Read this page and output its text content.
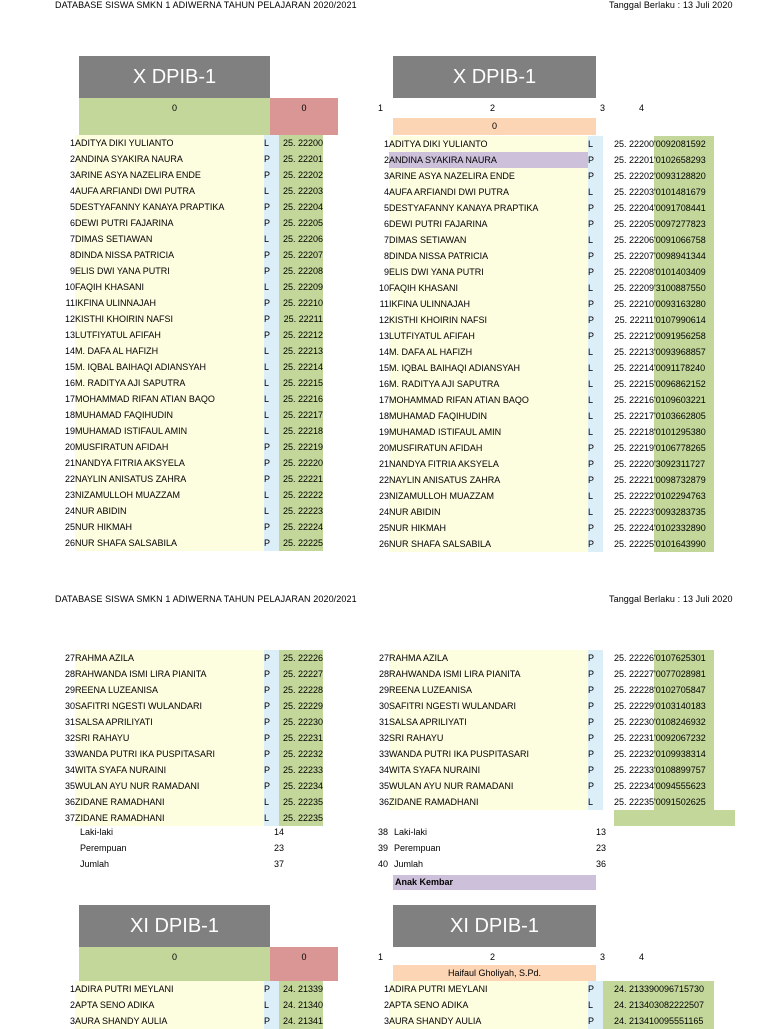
DATABASE SISWA SMKN 1 ADIWERNA TAHUN PELAJARAN 2020/2021	Tanggal Berlaku : 13 Juli 2020
X DPIB-1
0	0
1	ADITYA DIKI YULIANTO	L	25. 22200
2	ANDINA SYAKIRA NAURA	P	25. 22201
3	ARINE ASYA NAZELIRA ENDE	P	25. 22202
4	AUFA ARFIANDI DWI PUTRA	L	25. 22203
5	DESTYAFANNY KANAYA PRAPTIKA	P	25. 22204
6	DEWI PUTRI FAJARINA	P	25. 22205
7	DIMAS SETIAWAN	L	25. 22206
8	DINDA NISSA PATRICIA	P	25. 22207
9	ELIS DWI YANA PUTRI	P	25. 22208
10	FAQIH KHASANI	L	25. 22209
11	IKFINA ULINNAJAH	P	25. 22210
12	KISTHI KHOIRIN NAFSI	P	25. 22211
13	LUTFIYATUL AFIFAH	P	25. 22212
14	M. DAFA AL HAFIZH	L	25. 22213
15	M. IQBAL BAIHAQI ADIANSYAH	L	25. 22214
16	M. RADITYA AJI SAPUTRA	L	25. 22215
17	MOHAMMAD RIFAN ATIAN BAQO	L	25. 22216
18	MUHAMAD FAQIHUDIN	L	25. 22217
19	MUHAMAD ISTIFAUL AMIN	L	25. 22218
20	MUSFIRATUN AFIDAH	P	25. 22219
21	NANDYA FITRIA AKSYELA	P	25. 22220
22	NAYLIN ANISATUS ZAHRA	P	25. 22221
23	NIZAMULLOH MUAZZAM	L	25. 22222
24	NUR ABIDIN	L	25. 22223
25	NUR HIKMAH	P	25. 22224
26	NUR SHAFA SALSABILA	P	25. 22225
X DPIB-1
1	2	3	4
0
1	ADITYA DIKI YULIANTO	L	25. 22200	'0092081592
2	ANDINA SYAKIRA NAURA	P	25. 22201	'0102658293
3	ARINE ASYA NAZELIRA ENDE	P	25. 22202	'0093128820
4	AUFA ARFIANDI DWI PUTRA	L	25. 22203	'0101481679
5	DESTYAFANNY KANAYA PRAPTIKA	P	25. 22204	'0091708441
6	DEWI PUTRI FAJARINA	P	25. 22205	'0097277823
7	DIMAS SETIAWAN	L	25. 22206	'0091066758
8	DINDA NISSA PATRICIA	P	25. 22207	'0098941344
9	ELIS DWI YANA PUTRI	P	25. 22208	'0101403409
10	FAQIH KHASANI	L	25. 22209	'3100887550
11	IKFINA ULINNAJAH	P	25. 22210	'0093163280
12	KISTHI KHOIRIN NAFSI	P	25. 22211	'0107990614
13	LUTFIYATUL AFIFAH	P	25. 22212	'0091956258
14	M. DAFA AL HAFIZH	L	25. 22213	'0093968857
15	M. IQBAL BAIHAQI ADIANSYAH	L	25. 22214	'0091178240
16	M. RADITYA AJI SAPUTRA	L	25. 22215	'0096862152
17	MOHAMMAD RIFAN ATIAN BAQO	L	25. 22216	'0109603221
18	MUHAMAD FAQIHUDIN	L	25. 22217	'0103662805
19	MUHAMAD ISTIFAUL AMIN	L	25. 22218	'0101295380
20	MUSFIRATUN AFIDAH	P	25. 22219	'0106778265
21	NANDYA FITRIA AKSYELA	P	25. 22220	'3092311727
22	NAYLIN ANISATUS ZAHRA	P	25. 22221	'0098732879
23	NIZAMULLOH MUAZZAM	L	25. 22222	'0102294763
24	NUR ABIDIN	L	25. 22223	'0093283735
25	NUR HIKMAH	P	25. 22224	'0102332890
26	NUR SHAFA SALSABILA	P	25. 22225	'0101643990
DATABASE SISWA SMKN 1 ADIWERNA TAHUN PELAJARAN 2020/2021	Tanggal Berlaku : 13 Juli 2020
27	RAHMA AZILA	P	25. 22226
28	RAHWANDA ISMI LIRA PIANITA	P	25. 22227
29	REENA LUZEANISA	P	25. 22228
30	SAFITRI NGESTI WULANDARI	P	25. 22229
31	SALSA APRILIYATI	P	25. 22230
32	SRI RAHAYU	P	25. 22231
33	WANDA PUTRI IKA PUSPITASARI	P	25. 22232
34	WITA SYAFA NURAINI	P	25. 22233
35	WULAN AYU NUR RAMADANI	P	25. 22234
36	ZIDANE RAMADHANI	L	25. 22235
37	ZIDANE RAMADHANI	L	25. 22235
27	RAHMA AZILA	P	25. 22226	'0107625301
28	RAHWANDA ISMI LIRA PIANITA	P	25. 22227	'0077028981
29	REENA LUZEANISA	P	25. 22228	'0102705847
30	SAFITRI NGESTI WULANDARI	P	25. 22229	'0103140183
31	SALSA APRILIYATI	P	25. 22230	'0108246932
32	SRI RAHAYU	P	25. 22231	'0092067232
33	WANDA PUTRI IKA PUSPITASARI	P	25. 22232	'0109938314
34	WITA SYAFA NURAINI	P	25. 22233	'0108899757
35	WULAN AYU NUR RAMADANI	P	25. 22234	'0094555623
36	ZIDANE RAMADHANI	L	25. 22235	'0091502625
Laki-laki	14
Perempuan	23
Jumlah	37
38 Laki-laki	13
39 Perempuan	23
40 Jumlah	36
Anak Kembar
XI DPIB-1
0	0
1	ADIRA PUTRI MEYLANI	P	24. 21339
2	APTA SENO ADIKA	L	24. 21340
3	AURA SHANDY AULIA	P	24. 21341
XI DPIB-1
1	2	3	4
Haifaul Gholiyah, S.Pd.
1	ADIRA PUTRI MEYLANI	P	24. 21339	0096715730
2	APTA SENO ADIKA	L	24. 21340	3082222507
3	AURA SHANDY AULIA	P	24. 21341	0095551165
